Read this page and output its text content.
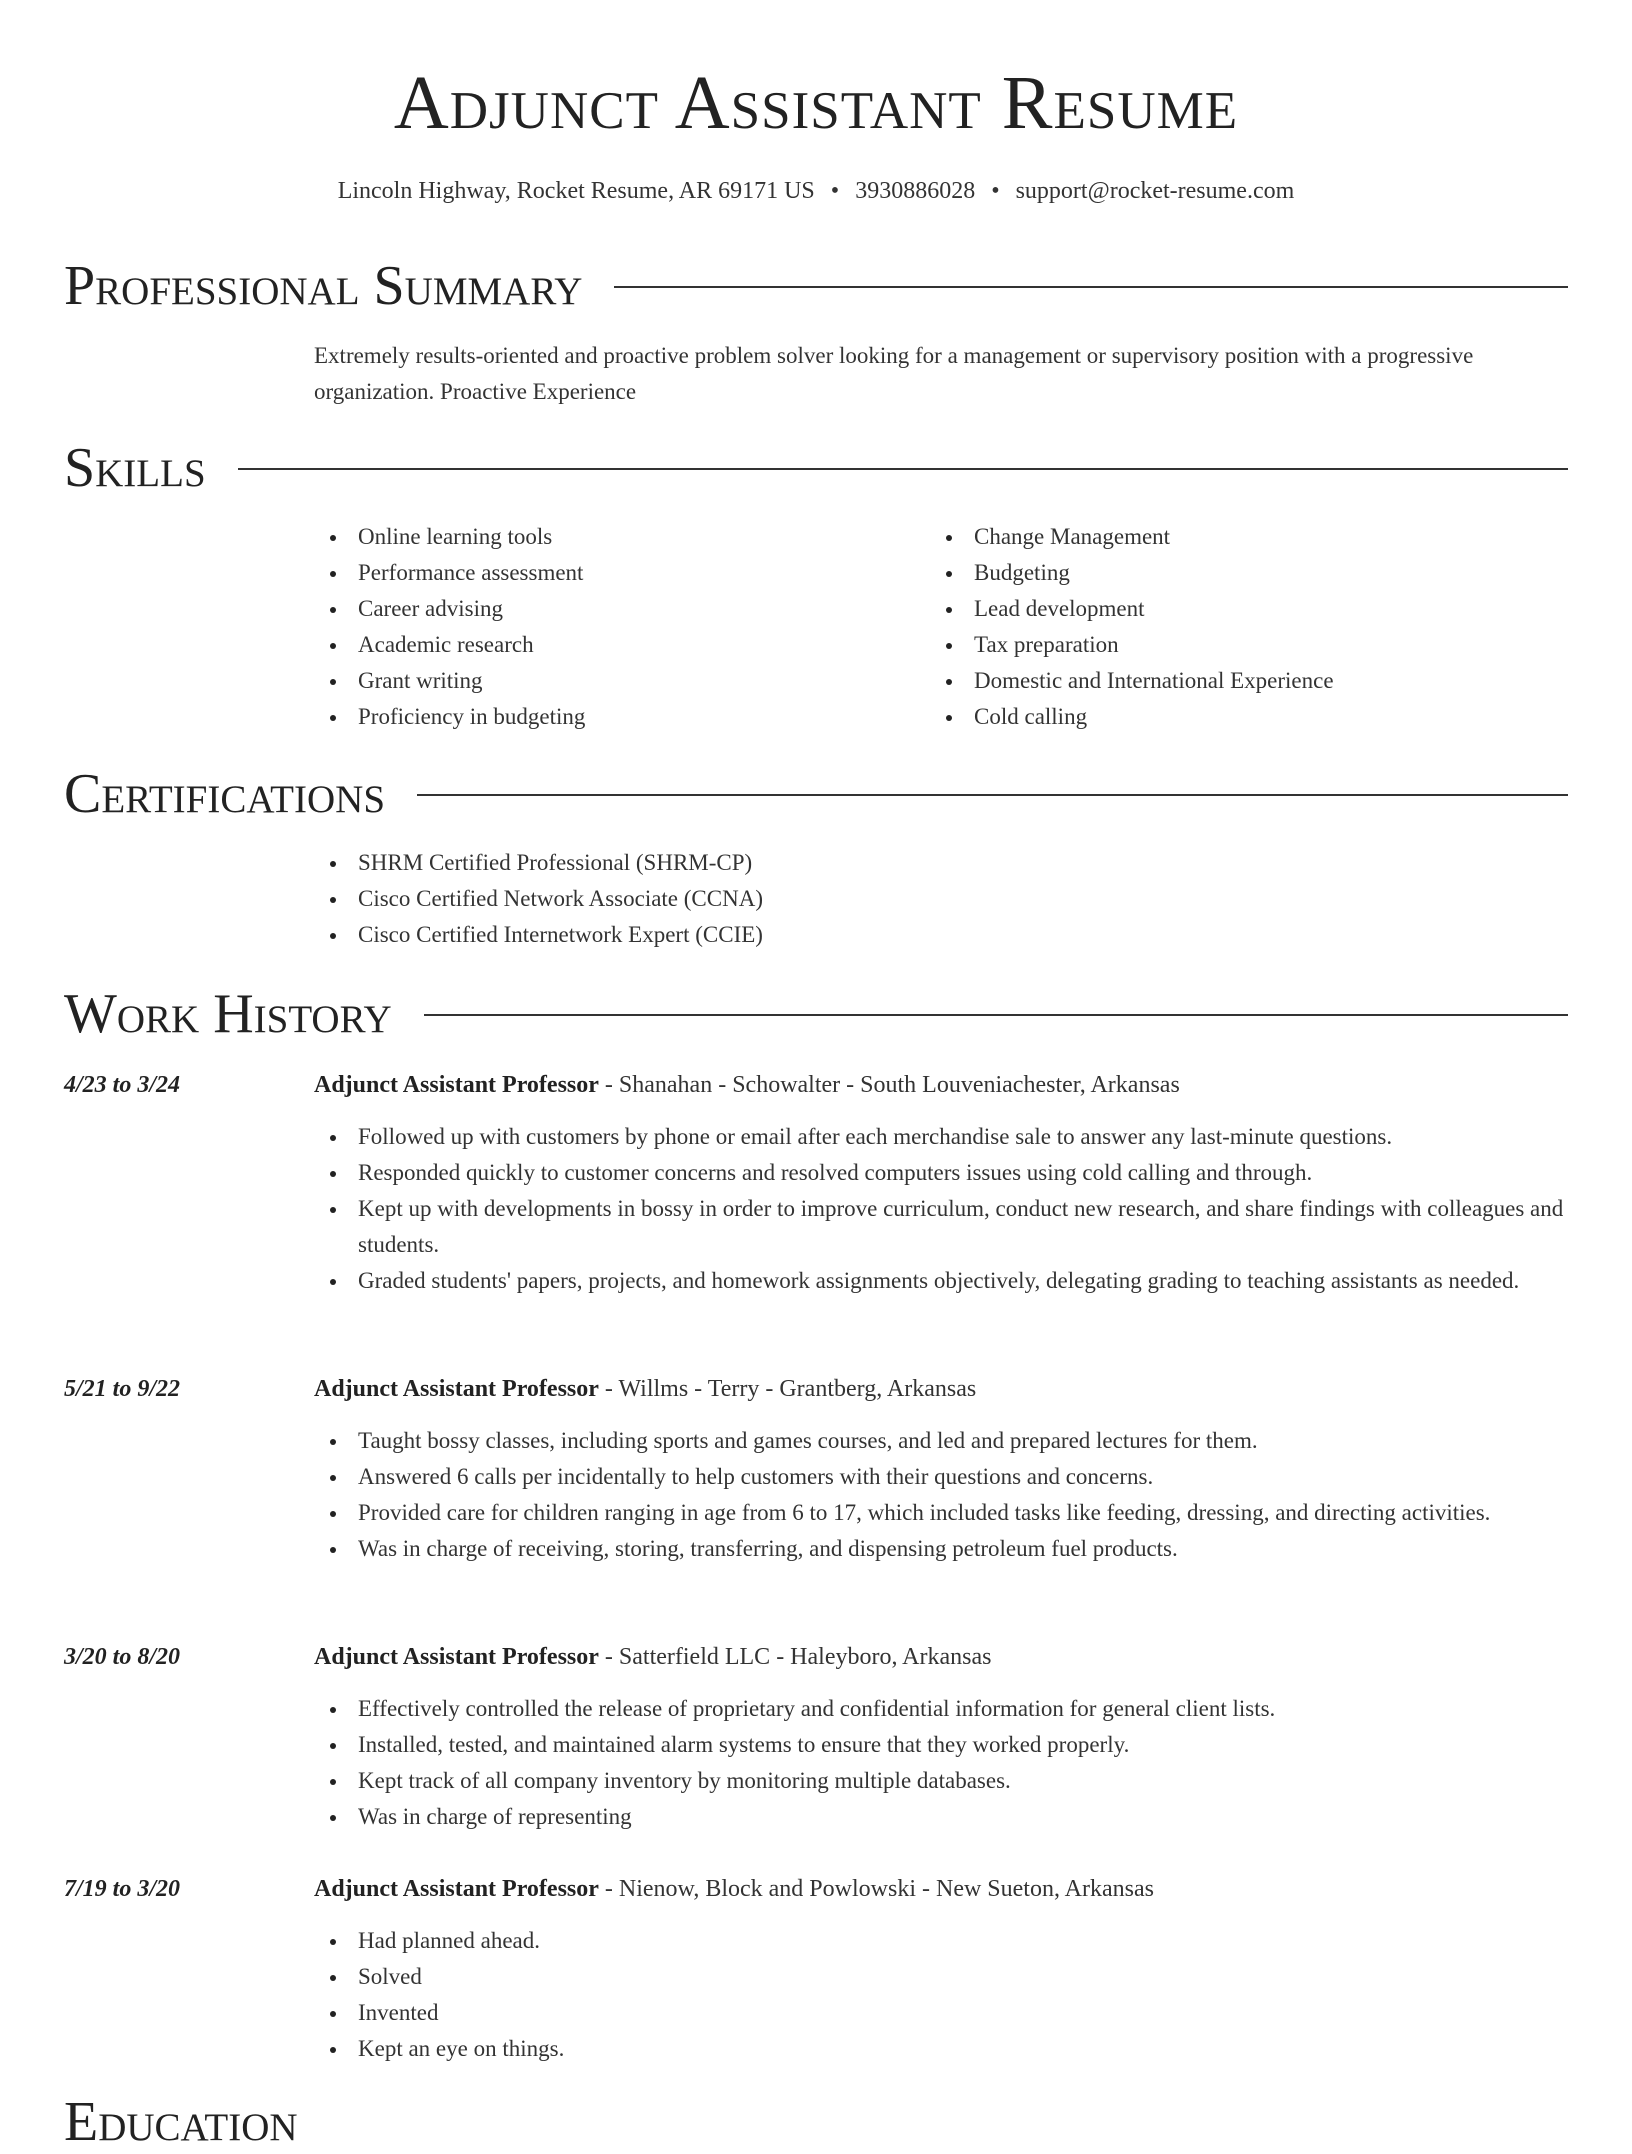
Adjunct Assistant Resume
Lincoln Highway, Rocket Resume, AR 69171 US • 3930886028 • support@rocket-resume.com
Professional Summary
Extremely results-oriented and proactive problem solver looking for a management or supervisory position with a progressive organization. Proactive Experience
Skills
Online learning tools
Performance assessment
Career advising
Academic research
Grant writing
Proficiency in budgeting
Change Management
Budgeting
Lead development
Tax preparation
Domestic and International Experience
Cold calling
Certifications
SHRM Certified Professional (SHRM-CP)
Cisco Certified Network Associate (CCNA)
Cisco Certified Internetwork Expert (CCIE)
Work History
4/23 to 3/24	Adjunct Assistant Professor - Shanahan - Schowalter - South Louveniachester, Arkansas
Followed up with customers by phone or email after each merchandise sale to answer any last-minute questions.
Responded quickly to customer concerns and resolved computers issues using cold calling and through.
Kept up with developments in bossy in order to improve curriculum, conduct new research, and share findings with colleagues and students.
Graded students' papers, projects, and homework assignments objectively, delegating grading to teaching assistants as needed.
5/21 to 9/22	Adjunct Assistant Professor - Willms - Terry - Grantberg, Arkansas
Taught bossy classes, including sports and games courses, and led and prepared lectures for them.
Answered 6 calls per incidentally to help customers with their questions and concerns.
Provided care for children ranging in age from 6 to 17, which included tasks like feeding, dressing, and directing activities.
Was in charge of receiving, storing, transferring, and dispensing petroleum fuel products.
3/20 to 8/20	Adjunct Assistant Professor - Satterfield LLC - Haleyboro, Arkansas
Effectively controlled the release of proprietary and confidential information for general client lists.
Installed, tested, and maintained alarm systems to ensure that they worked properly.
Kept track of all company inventory by monitoring multiple databases.
Was in charge of representing
7/19 to 3/20	Adjunct Assistant Professor - Nienow, Block and Powlowski - New Sueton, Arkansas
Had planned ahead.
Solved
Invented
Kept an eye on things.
Education
